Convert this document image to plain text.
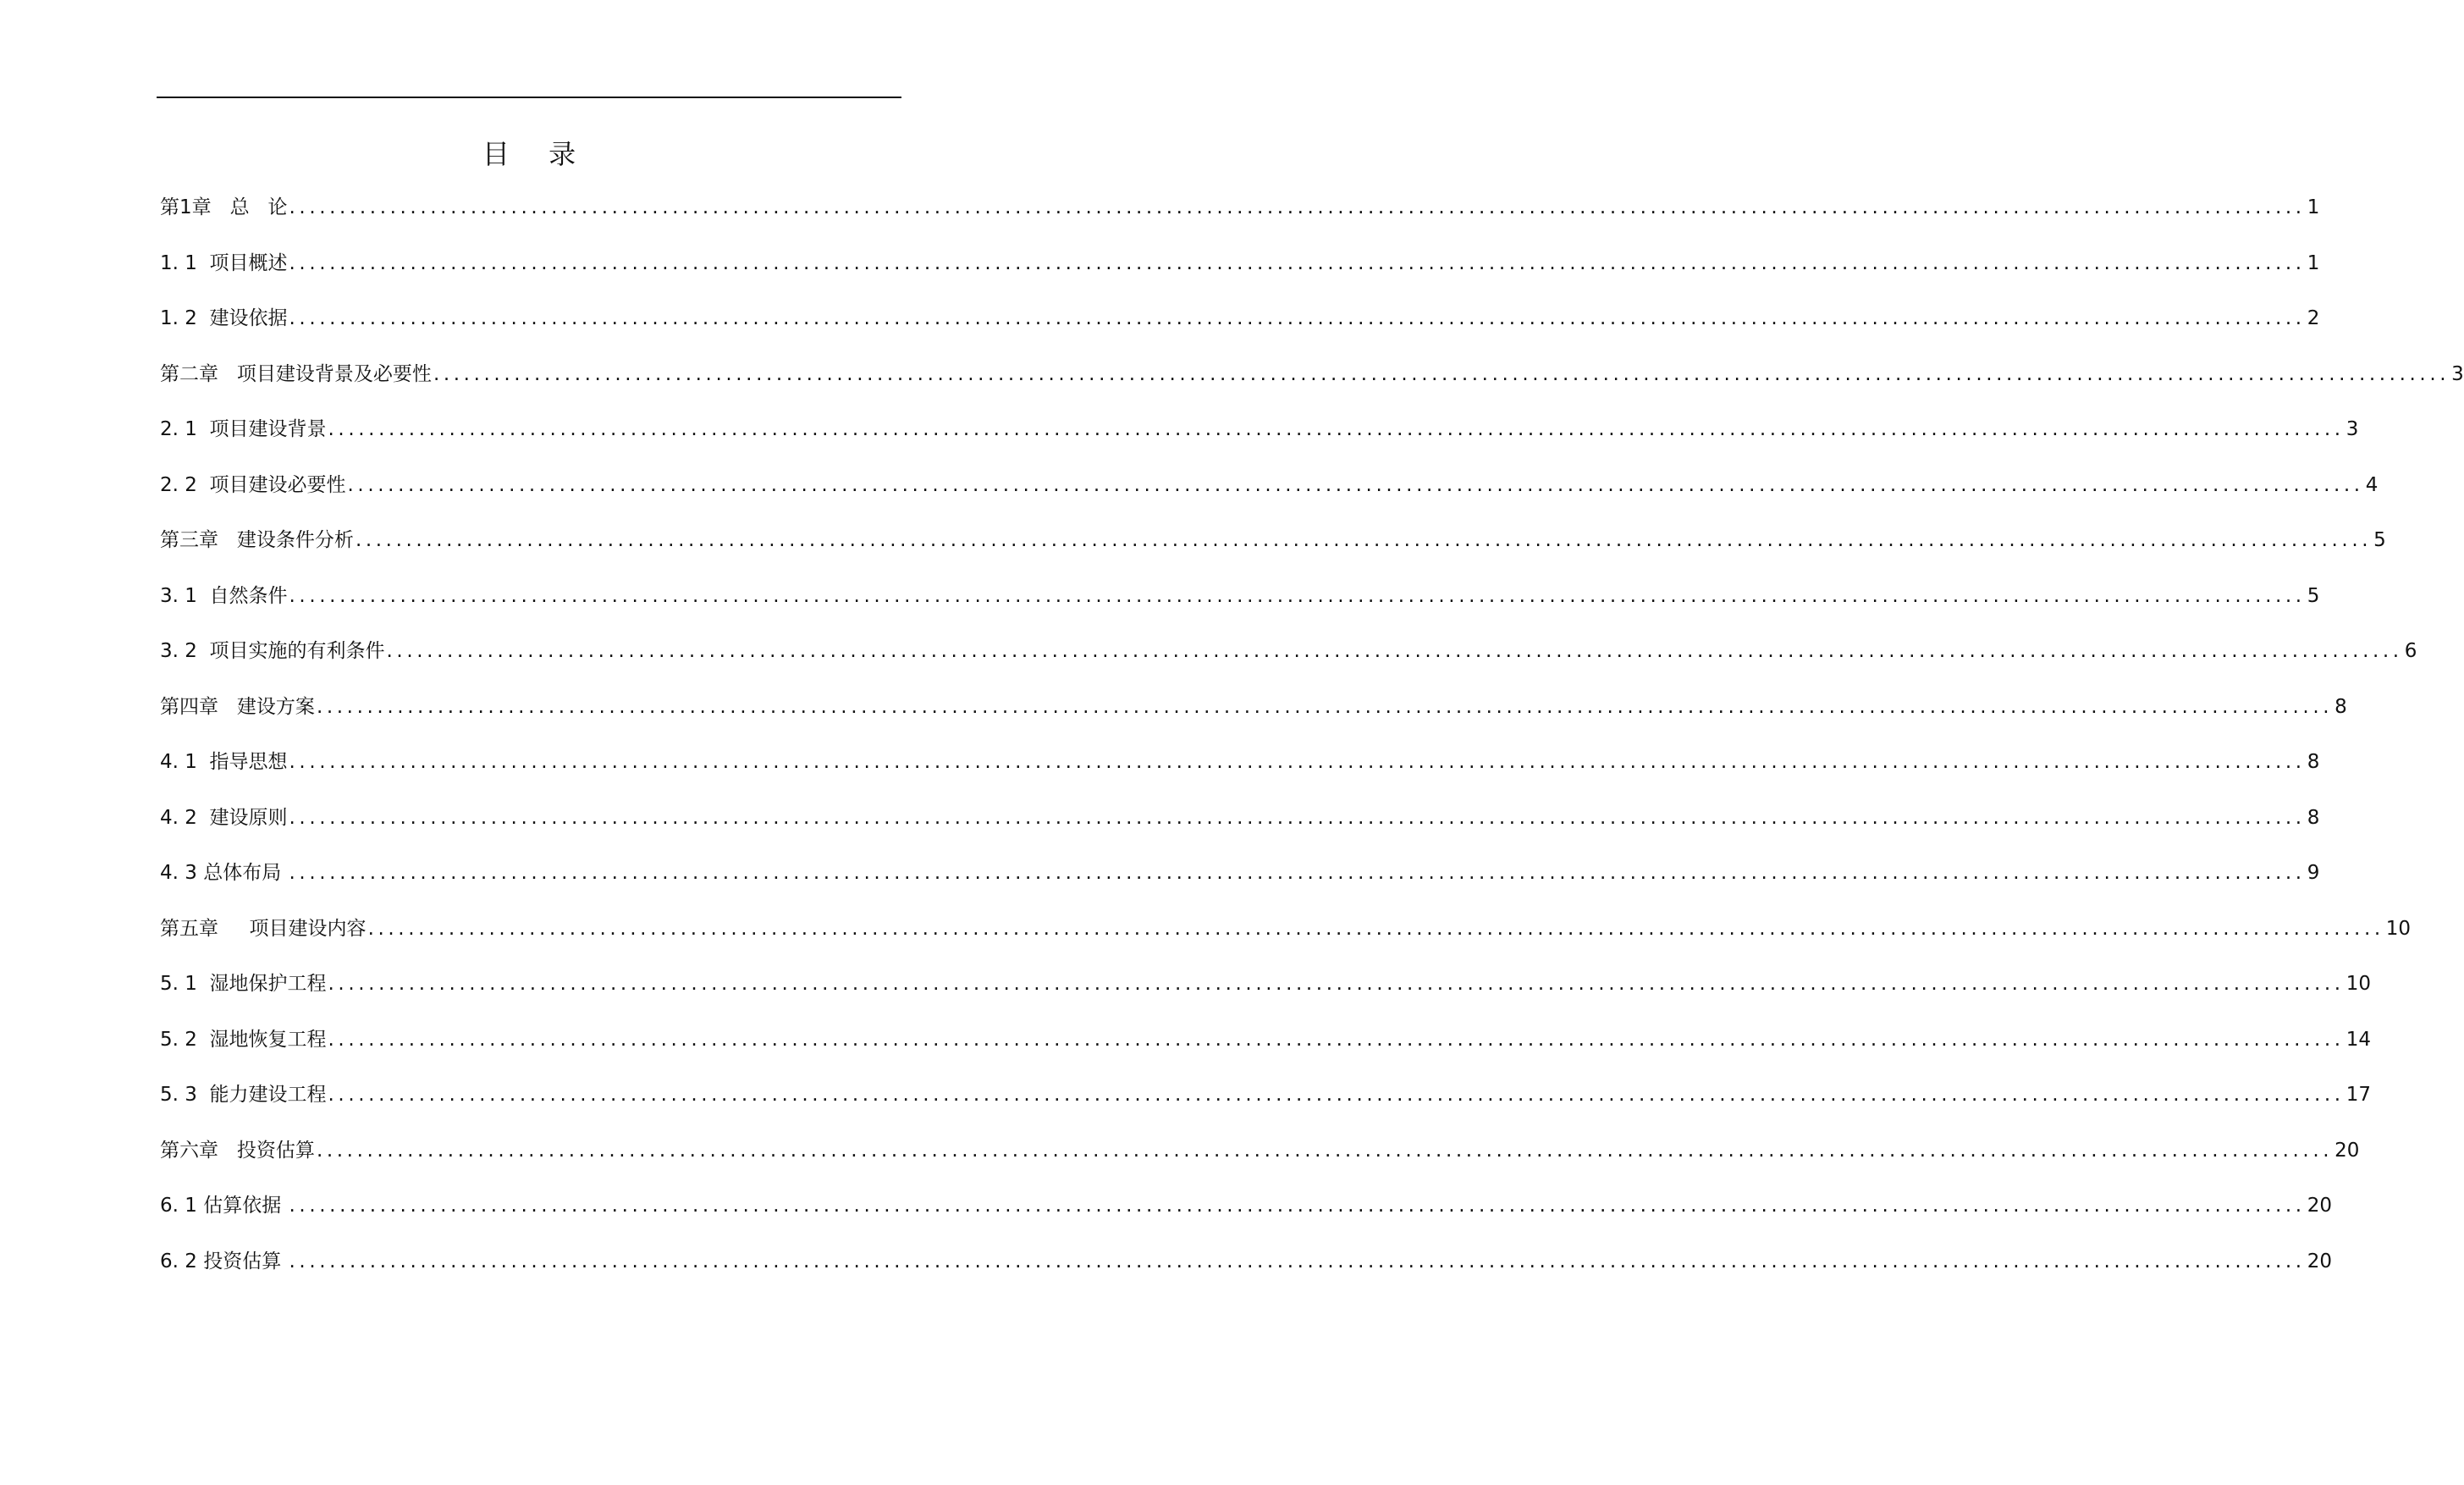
目 录
第1章   总   论 ........................................................................................................................................................................................................ 1
1. 1  项目概述 ........................................................................................................................................................................................................ 1
1. 2  建设依据 ........................................................................................................................................................................................................ 2
第二章   项目建设背景及必要性 ........................................................................................................................................................................................................ 3
2. 1  项目建设背景 ........................................................................................................................................................................................................ 3
2. 2  项目建设必要性 ........................................................................................................................................................................................................ 4
第三章   建设条件分析 ........................................................................................................................................................................................................ 5
3. 1  自然条件 ........................................................................................................................................................................................................ 5
3. 2  项目实施的有利条件 ........................................................................................................................................................................................................ 6
第四章   建设方案 ........................................................................................................................................................................................................ 8
4. 1  指导思想 ........................................................................................................................................................................................................ 8
4. 2  建设原则 ........................................................................................................................................................................................................ 8
4. 3 总体布局 ........................................................................................................................................................................................................ 9
第五章     项目建设内容 ........................................................................................................................................................................................................ 10
5. 1  湿地保护工程 ........................................................................................................................................................................................................ 10
5. 2  湿地恢复工程 ........................................................................................................................................................................................................ 14
5. 3  能力建设工程 ........................................................................................................................................................................................................ 17
第六章   投资估算 ........................................................................................................................................................................................................ 20
6. 1 估算依据 ........................................................................................................................................................................................................ 20
6. 2 投资估算 ........................................................................................................................................................................................................ 20
